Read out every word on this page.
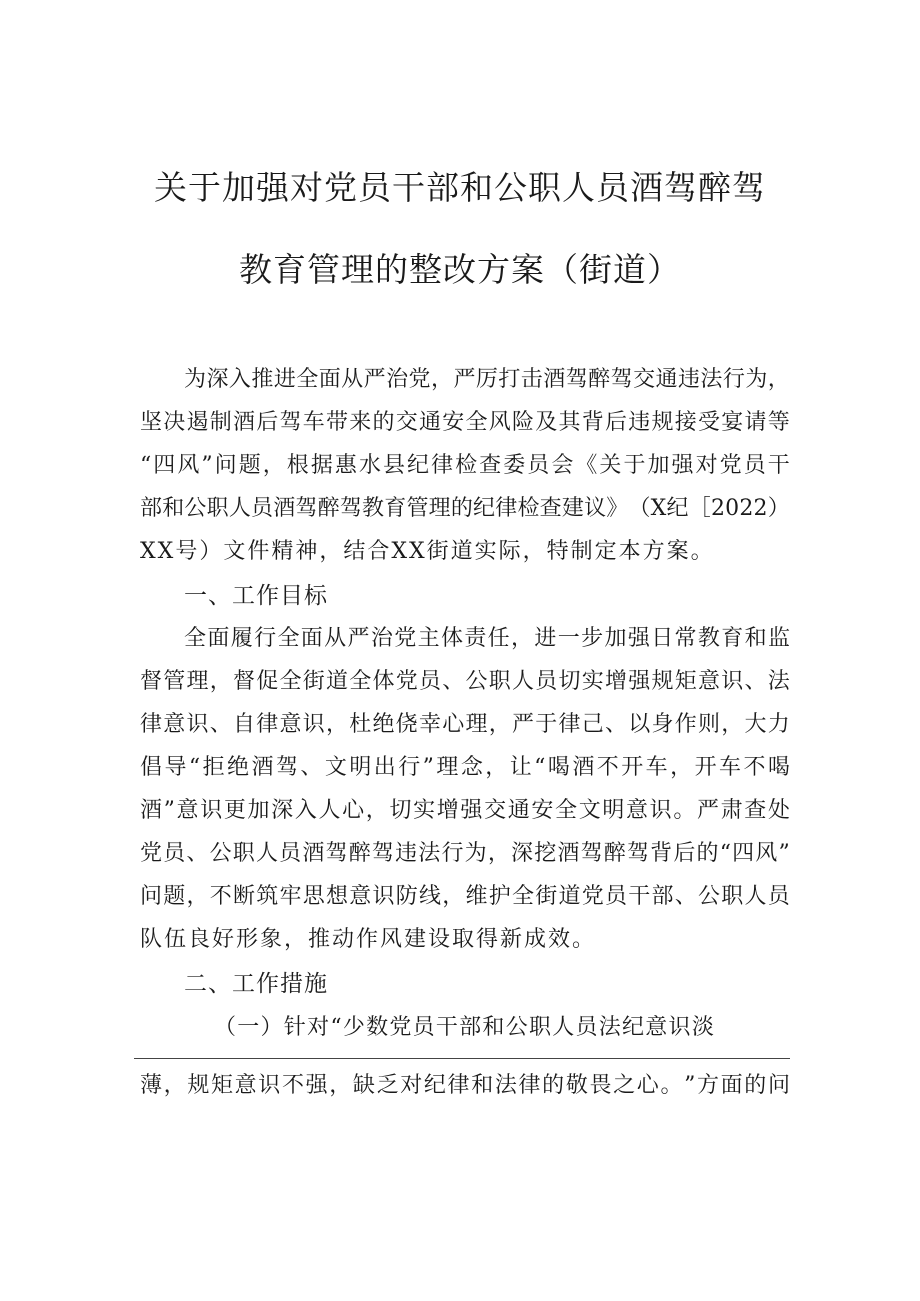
关于加强对党员干部和公职人员酒驾醉驾
教育管理的整改方案（街道）
为 深 入 推 进 全 面 从 严 治 党 ， 严 厉 打 击 酒 驾 醉 驾 交 通 违 法 行 为 ，
坚 决 遏 制 酒 后 驾 车 带 来 的 交 通 安 全 风 险 及 其 背 后 违 规 接 受 宴 请 等
“ 四 风 ” 问 题 ， 根 据 惠 水 县 纪 律 检 查 委 员 会 《 关 于 加 强 对 党 员 干
部 和 公 职 人 员 酒 驾 醉 驾 教 育 管 理 的 纪 律 检 查 建 议 》 （ X 纪 ［ 2 0 2 2 ）
XX号）文件精神，结合XX街道实际，特制定本方案。
一、工作目标
全 面 履 行 全 面 从 严 治 党 主 体 责 任 ， 进 一 步 加 强 日 常 教 育 和 监
督 管 理 ， 督 促 全 街 道 全 体 党 员 、 公 职 人 员 切 实 增 强 规 矩 意 识 、 法
律 意 识 、 自 律 意 识 ， 杜 绝 侥 幸 心 理 ， 严 于 律 己 、 以 身 作 则 ， 大 力
倡 导 “ 拒 绝 酒 驾 、 文 明 出 行 ” 理 念 ， 让 “ 喝 酒 不 开 车 ， 开 车 不 喝
酒 ” 意 识 更 加 深 入 人 心 ， 切 实 增 强 交 通 安 全 文 明 意 识 。 严 肃 查 处
党 员 、 公 职 人 员 酒 驾 醉 驾 违 法 行 为 ， 深 挖 酒 驾 醉 驾 背 后 的 “ 四 风 ”
问 题 ， 不 断 筑 牢 思 想 意 识 防 线 ， 维 护 全 街 道 党 员 干 部 、 公 职 人 员
队伍良好形象，推动作风建设取得新成效。
二、工作措施
（ 一 ） 针 对 “ 少 数 党 员 干 部 和 公 职 人 员 法 纪 意 识 淡
薄 ， 规 矩 意 识 不 强 ， 缺 乏 对 纪 律 和 法 律 的 敬 畏 之 心 。 ” 方 面 的 问
